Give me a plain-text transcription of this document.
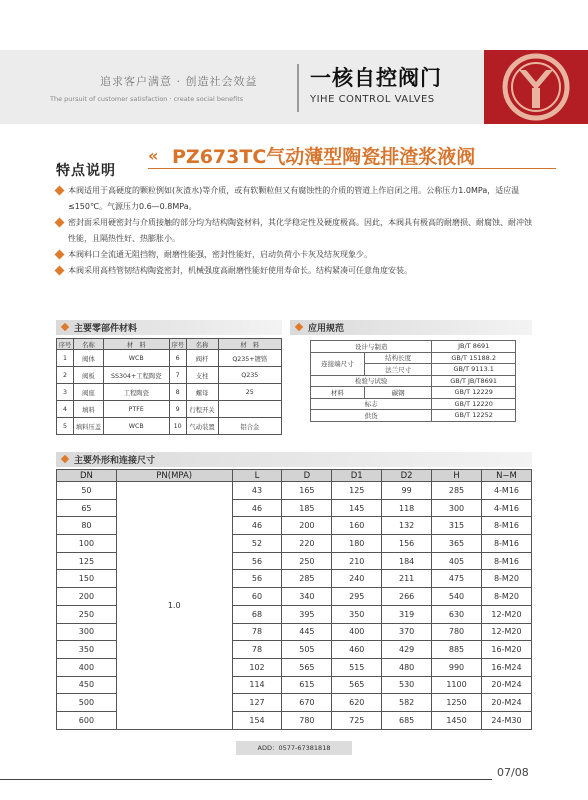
追求客户满意 · 创造社会效益
The pursuit of customer satisfaction · create social benefits
一核自控阀门
YIHE CONTROL VALVES
« PZ673TC气动薄型陶瓷排渣浆液阀
特点说明
本阀适用于高硬度的颗粒例如(灰渣水)等介质，或有软颗粒但又有腐蚀性的介质的管道上作启闭之用。公称压力1.0MPa，适应温≤150℃。气源压力0.6—0.8MPa。
密封面采用硬密封与介质接触的部分均为结构陶瓷材料，其化学稳定性及硬度极高。因此，本阀具有极高的耐磨损、耐腐蚀、耐冲蚀性能，且隔热性好、热膨胀小。
本阀料口全流通无阻挡物，耐磨性能强，密封性能好，启动负荷小卡灰及结灰现象少。
本阀采用高档管韧结构陶瓷密封，机械强度高耐磨性能好使用寿命长。结构紧凑可任意角度安装。
主要零部件材料
序号	名称	材　料	序号	名称	材　料
1	阀体	WCB	6	阀杆	Q235+镀铬
2	阀板	SS304+工程陶瓷	7	支柱	Q235
3	阀座	工程陶瓷	8	螺母	25
4	填料	PTFE	9	行程开关	
5	填料压盖	WCB	10	气动装置	铝合金
应用规范
设计与制造		JB/T 8691
连接端尺寸	结构长度	GB/T 15188.2
	法兰尺寸	GB/T 9113.1
检验与试验		GB/T JB/T8691
材料	碳钢	GB/T 12229
标志		GB/T 12220
供货		GB/T 12252
主要外形和连接尺寸
DN	PN(MPA)	L	D	D1	D2	H	N−M
50	1.0	43	165	125	99	285	4-M16
65		46	185	145	118	300	4-M16
80		46	200	160	132	315	8-M16
100		52	220	180	156	365	8-M16
125		56	250	210	184	405	8-M16
150		56	285	240	211	475	8-M20
200		60	340	295	266	540	8-M20
250		68	395	350	319	630	12-M20
300		78	445	400	370	780	12-M20
350		78	505	460	429	885	16-M20
400		102	565	515	480	990	16-M24
450		114	615	565	530	1100	20-M24
500		127	670	620	582	1250	20-M24
600		154	780	725	685	1450	24-M30
ADD：0577-67381818
07/08
